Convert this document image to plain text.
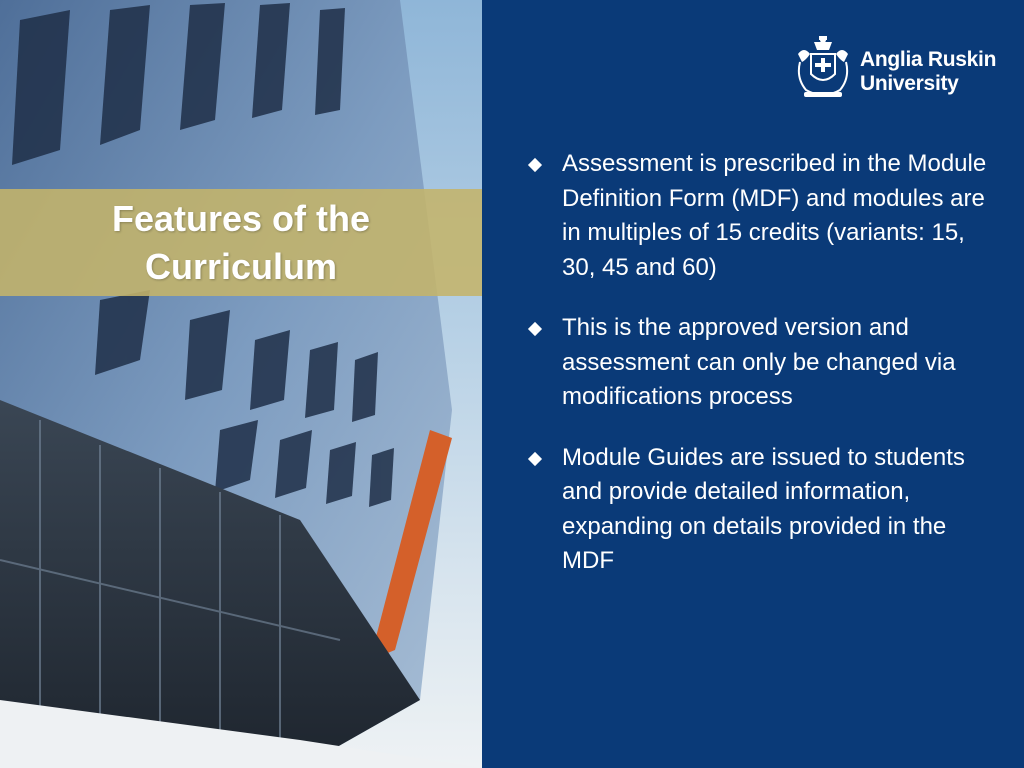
Features of the
Curriculum
Anglia Ruskin
University
Assessment is prescribed in the Module Definition Form (MDF) and modules are in multiples of 15 credits (variants: 15, 30, 45 and 60)
This is the approved version and assessment can only be changed via modifications process
Module Guides are issued to students and provide detailed information, expanding on details provided in the MDF
